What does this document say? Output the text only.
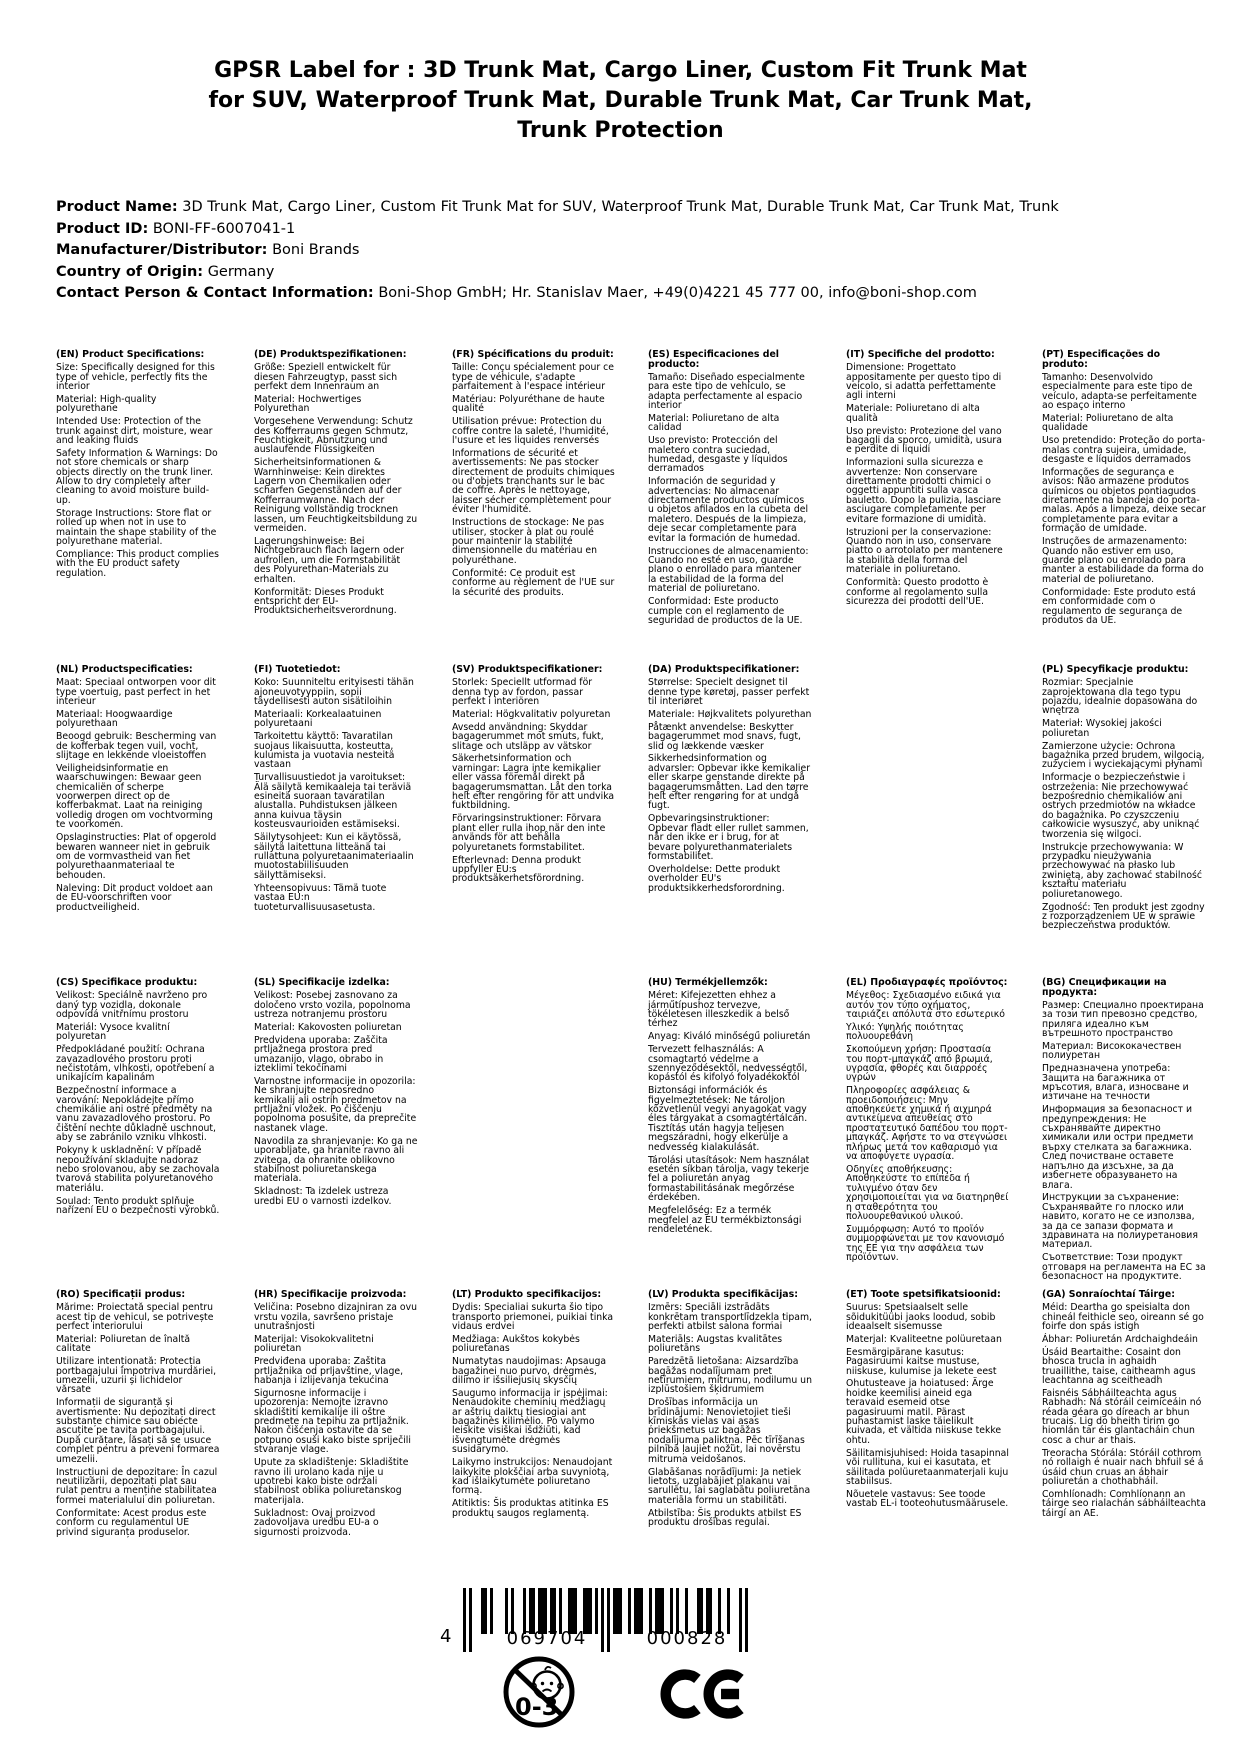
GPSR Label for : 3D Trunk Mat, Cargo Liner, Custom Fit Trunk Mat
for SUV, Waterproof Trunk Mat, Durable Trunk Mat, Car Trunk Mat,
Trunk Protection
Product Name: 3D Trunk Mat, Cargo Liner, Custom Fit Trunk Mat for SUV, Waterproof Trunk Mat, Durable Trunk Mat, Car Trunk Mat, Trunk
Product ID: BONI-FF-6007041-1
Manufacturer/Distributor: Boni Brands
Country of Origin: Germany
Contact Person & Contact Information: Boni-Shop GmbH; Hr. Stanislav Maer, +49(0)4221 45 777 00, info@boni-shop.com
(EN) Product Specifications:

Size: Specifically designed for this type of vehicle, perfectly fits the interior

Material: High-quality polyurethane

Intended Use: Protection of the trunk against dirt, moisture, wear and leaking fluids

Safety Information & Warnings: Do not store chemicals or sharp objects directly on the trunk liner. Allow to dry completely after cleaning to avoid moisture build-up.

Storage Instructions: Store flat or rolled up when not in use to maintain the shape stability of the polyurethane material.

Compliance: This product complies with the EU product safety regulation.

(DE) Produktspezifikationen:

Größe: Speziell entwickelt für diesen Fahrzeugtyp, passt sich perfekt dem Innenraum an

Material: Hochwertiges Polyurethan

Vorgesehene Verwendung: Schutz des Kofferraums gegen Schmutz, Feuchtigkeit, Abnutzung und auslaufende Flüssigkeiten

Sicherheitsinformationen & Warnhinweise: Kein direktes Lagern von Chemikalien oder scharfen Gegenständen auf der Kofferraumwanne. Nach der Reinigung vollständig trocknen lassen, um Feuchtigkeitsbildung zu vermeiden.

Lagerungshinweise: Bei Nichtgebrauch flach lagern oder aufrollen, um die Formstabilität des Polyurethan-Materials zu erhalten.

Konformität: Dieses Produkt entspricht der EU-Produktsicherheitsverordnung.

(FR) Spécifications du produit:

Taille: Conçu spécialement pour ce type de véhicule, s'adapte parfaitement à l'espace intérieur

Matériau: Polyuréthane de haute qualité

Utilisation prévue: Protection du coffre contre la saleté, l'humidité, l'usure et les liquides renversés

Informations de sécurité et avertissements: Ne pas stocker directement de produits chimiques ou d'objets tranchants sur le bac de coffre. Après le nettoyage, laisser sécher complètement pour éviter l'humidité.

Instructions de stockage: Ne pas utiliser, stocker à plat ou roulé pour maintenir la stabilité dimensionnelle du matériau en polyuréthane.

Conformité: Ce produit est conforme au règlement de l'UE sur la sécurité des produits.

(ES) Especificaciones del producto:

Tamaño: Diseñado especialmente para este tipo de vehículo, se adapta perfectamente al espacio interior

Material: Poliuretano de alta calidad

Uso previsto: Protección del maletero contra suciedad, humedad, desgaste y líquidos derramados

Información de seguridad y advertencias: No almacenar directamente productos químicos u objetos afilados en la cubeta del maletero. Después de la limpieza, deje secar completamente para evitar la formación de humedad.

Instrucciones de almacenamiento: Cuando no esté en uso, guarde plano o enrollado para mantener la estabilidad de la forma del material de poliuretano.

Conformidad: Este producto cumple con el reglamento de seguridad de productos de la UE.

(IT) Specifiche del prodotto:

Dimensione: Progettato appositamente per questo tipo di veicolo, si adatta perfettamente agli interni

Materiale: Poliuretano di alta qualità

Uso previsto: Protezione del vano bagagli da sporco, umidità, usura e perdite di liquidi

Informazioni sulla sicurezza e avvertenze: Non conservare direttamente prodotti chimici o oggetti appuntiti sulla vasca bauletto. Dopo la pulizia, lasciare asciugare completamente per evitare formazione di umidità.

Istruzioni per la conservazione: Quando non in uso, conservare piatto o arrotolato per mantenere la stabilità della forma del materiale in poliuretano.

Conformità: Questo prodotto è conforme al regolamento sulla sicurezza dei prodotti dell'UE.

(PT) Especificações do produto:

Tamanho: Desenvolvido especialmente para este tipo de veículo, adapta-se perfeitamente ao espaço interno

Material: Poliuretano de alta qualidade

Uso pretendido: Proteção do porta-malas contra sujeira, umidade, desgaste e líquidos derramados

Informações de segurança e avisos: Não armazene produtos químicos ou objetos pontiagudos diretamente na bandeja do porta-malas. Após a limpeza, deixe secar completamente para evitar a formação de umidade.

Instruções de armazenamento: Quando não estiver em uso, guarde plano ou enrolado para manter a estabilidade da forma do material de poliuretano.

Conformidade: Este produto está em conformidade com o regulamento de segurança de produtos da UE.

(NL) Productspecificaties:

Maat: Speciaal ontworpen voor dit type voertuig, past perfect in het interieur

Materiaal: Hoogwaardige polyurethaan

Beoogd gebruik: Bescherming van de kofferbak tegen vuil, vocht, slijtage en lekkende vloeistoffen

Veiligheidsinformatie en waarschuwingen: Bewaar geen chemicaliën of scherpe voorwerpen direct op de kofferbakmat. Laat na reiniging volledig drogen om vochtvorming te voorkomen.

Opslaginstructies: Plat of opgerold bewaren wanneer niet in gebruik om de vormvastheid van het polyurethaanmateriaal te behouden.

Naleving: Dit product voldoet aan de EU-voorschriften voor productveiligheid.

(FI) Tuotetiedot:

Koko: Suunniteltu erityisesti tähän ajoneuvotyyppiin, sopii täydellisesti auton sisätiloihin

Materiaali: Korkealaatuinen polyuretaani

Tarkoitettu käyttö: Tavaratilan suojaus likaisuutta, kosteutta, kulumista ja vuotavia nesteitä vastaan

Turvallisuustiedot ja varoitukset: Älä säilytä kemikaaleja tai teräviä esineitä suoraan tavaratilan alustalla. Puhdistuksen jälkeen anna kuivua täysin kosteusvaurioiden estämiseksi.

Säilytysohjeet: Kun ei käytössä, säilytä laitettuna litteänä tai rullattuna polyuretaanimateriaalin muotostabiilisuuden säilyttämiseksi.

Yhteensopivuus: Tämä tuote vastaa EU:n tuoteturvallisuusasetusta.

(SV) Produktspecifikationer:

Storlek: Speciellt utformad för denna typ av fordon, passar perfekt i interiören

Material: Högkvalitativ polyuretan

Avsedd användning: Skyddar bagagerummet mot smuts, fukt, slitage och utsläpp av vätskor

Säkerhetsinformation och varningar: Lagra inte kemikalier eller vassa föremål direkt på bagagerumsmattan. Låt den torka helt efter rengöring för att undvika fuktbildning.

Förvaringsinstruktioner: Förvara plant eller rulla ihop när den inte används för att behålla polyuretanets formstabilitet.

Efterlevnad: Denna produkt uppfyller EU:s produktsäkerhetsförordning.

(DA) Produktspecifikationer:

Størrelse: Specielt designet til denne type køretøj, passer perfekt til interiøret

Materiale: Højkvalitets polyurethan

Påtænkt anvendelse: Beskytter bagagerummet mod snavs, fugt, slid og lækkende væsker

Sikkerhedsinformation og advarsler: Opbevar ikke kemikalier eller skarpe genstande direkte på bagagerumsmåtten. Lad den tørre helt efter rengøring for at undgå fugt.

Opbevaringsinstruktioner: Opbevar fladt eller rullet sammen, når den ikke er i brug, for at bevare polyurethanmaterialets formstabilitet.

Overholdelse: Dette produkt overholder EU's produktsikkerhedsforordning.

(PL) Specyfikacje produktu:

Rozmiar: Specjalnie zaprojektowana dla tego typu pojazdu, idealnie dopasowana do wnętrza

Materiał: Wysokiej jakości poliuretan

Zamierzone użycie: Ochrona bagażnika przed brudem, wilgocią, zużyciem i wyciekającymi płynami

Informacje o bezpieczeństwie i ostrzeżenia: Nie przechowywać bezpośrednio chemikaliów ani ostrych przedmiotów na wkładce do bagażnika. Po czyszczeniu całkowicie wysuszyć, aby uniknąć tworzenia się wilgoci.

Instrukcje przechowywania: W przypadku nieużywania przechowywać na płasko lub zwiniętą, aby zachować stabilność kształtu materiału poliuretanowego.

Zgodność: Ten produkt jest zgodny z rozporządzeniem UE w sprawie bezpieczeństwa produktów.

(CS) Specifikace produktu:

Velikost: Speciálně navrženo pro daný typ vozidla, dokonale odpovídá vnitřnímu prostoru

Materiál: Vysoce kvalitní polyuretan

Předpokládané použití: Ochrana zavazadlového prostoru proti nečistotám, vlhkosti, opotřebení a unikajícím kapalinám

Bezpečnostní informace a varování: Nepokládejte přímo chemikálie ani ostré předměty na vanu zavazadlového prostoru. Po čištění nechte důkladně uschnout, aby se zabránilo vzniku vlhkosti.

Pokyny k uskladnění: V případě nepoužívání skladujte nadoraz nebo srolovanou, aby se zachovala tvarová stabilita polyuretanového materiálu.

Soulad: Tento produkt splňuje nařízení EU o bezpečnosti výrobků.

(SL) Specifikacije izdelka:

Velikost: Posebej zasnovano za določeno vrsto vozila, popolnoma ustreza notranjemu prostoru

Material: Kakovosten poliuretan

Predvidena uporaba: Zaščita prtljažnega prostora pred umazanijo, vlago, obrabo in izteklimi tekočinami

Varnostne informacije in opozorila: Ne shranjujte neposredno kemikalij ali ostrih predmetov na prtljažni vložek. Po čiščenju popolnoma posušite, da preprečite nastanek vlage.

Navodila za shranjevanje: Ko ga ne uporabljate, ga hranite ravno ali zvitega, da ohranite oblikovno stabilnost poliuretanskega materiala.

Skladnost: Ta izdelek ustreza uredbi EU o varnosti izdelkov.

(HU) Termékjellemzők:

Méret: Kifejezetten ehhez a járműtípushoz tervezve, tökéletesen illeszkedik a belső térhez

Anyag: Kiváló minőségű poliuretán

Tervezett felhasználás: A csomagtartó védelme a szennyeződésektől, nedvességtől, kopástól és kifolyó folyadékoktól

Biztonsági információk és figyelmeztetések: Ne tároljon közvetlenül vegyi anyagokat vagy éles tárgyakat a csomagtértálcán. Tisztítás után hagyja teljesen megszáradni, hogy elkerülje a nedvesség kialakulását.

Tárolási utasítások: Nem használat esetén síkban tárolja, vagy tekerje fel a poliuretán anyag formastabilitásának megőrzése érdekében.

Megfelelőség: Ez a termék megfelel az EU termékbiztonsági rendeletének.

(EL) Προδιαγραφές προϊόντος:

Μέγεθος: Σχεδιασμένο ειδικά για αυτόν τον τύπο οχήματος, ταιριάζει απόλυτα στο εσωτερικό

Υλικό: Υψηλής ποιότητας πολυουρεθάνη

Σκοπούμενη χρήση: Προστασία του πορτ-μπαγκάζ από βρωμιά, υγρασία, φθορές και διαρροές υγρών

Πληροφορίες ασφάλειας & προειδοποιήσεις: Μην αποθηκεύετε χημικά ή αιχμηρά αντικείμενα απευθείας στο προστατευτικό δαπέδου του πορτ-μπαγκάζ. Αφήστε το να στεγνώσει πλήρως μετά τον καθαρισμό για να αποφύγετε υγρασία.

Οδηγίες αποθήκευσης: Αποθηκεύστε το επίπεδα ή τυλιγμένο όταν δεν χρησιμοποιείται για να διατηρηθεί η σταθερότητα του πολυουρεθανικού υλικού.

Συμμόρφωση: Αυτό το προϊόν συμμορφώνεται με τον κανονισμό της ΕΕ για την ασφάλεια των προϊόντων.

(BG) Спецификации на продукта:

Размер: Специално проектирана за този тип превозно средство, приляга идеално към вътрешното пространство

Материал: Висококачествен полиуретан

Предназначена употреба: Защита на багажника от мръсотия, влага, износване и изтичане на течности

Информация за безопасност и предупреждения: Не съхранявайте директно химикали или остри предмети върху стелката за багажника. След почистване оставете напълно да изсъхне, за да избегнете образуването на влага.

Инструкции за съхранение: Съхранявайте го плоско или навито, когато не се използва, за да се запази формата и здравината на полиуретановия материал.

Съответствие: Този продукт отговаря на регламента на ЕС за безопасност на продуктите.

(RO) Specificații produs:

Mărime: Proiectată special pentru acest tip de vehicul, se potrivește perfect interiorului

Material: Poliuretan de înaltă calitate

Utilizare intenționată: Protecția portbagajului împotriva murdăriei, umezelii, uzurii și lichidelor vărsate

Informații de siguranță și avertismente: Nu depozitați direct substanțe chimice sau obiecte ascuțite pe tavița portbagajului. După curățare, lăsați să se usuce complet pentru a preveni formarea umezelii.

Instrucțiuni de depozitare: În cazul neutilizării, depozitați plat sau rulat pentru a menține stabilitatea formei materialului din poliuretan.

Conformitate: Acest produs este conform cu regulamentul UE privind siguranța produselor.

(HR) Specifikacije proizvoda:

Veličina: Posebno dizajniran za ovu vrstu vozila, savršeno pristaje unutrašnjosti

Materijal: Visokokvalitetni poliuretan

Predviđena uporaba: Zaštita prtljažnika od prljavštine, vlage, habanja i izlijevanja tekućina

Sigurnosne informacije i upozorenja: Nemojte izravno skladištiti kemikalije ili oštre predmete na tepihu za prtljažnik. Nakon čišćenja ostavite da se potpuno osuši kako biste spriječili stvaranje vlage.

Upute za skladištenje: Skladištite ravno ili urolano kada nije u upotrebi kako biste održali stabilnost oblika poliuretanskog materijala.

Sukladnost: Ovaj proizvod zadovoljava uredbu EU-a o sigurnosti proizvoda.

(LT) Produkto specifikacijos:

Dydis: Specialiai sukurta šio tipo transporto priemonei, puikiai tinka vidaus erdvei

Medžiaga: Aukštos kokybės poliuretanas

Numatytas naudojimas: Apsauga bagažinei nuo purvo, drėgmės, dilimo ir išsiliejusių skysčių

Saugumo informacija ir įspėjimai: Nenaudokite cheminių medžiagų ar aštrių daiktų tiesiogiai ant bagažinės kilimėlio. Po valymo leiskite visiškai išdžiūti, kad išvengtumėte drėgmės susidarymo.

Laikymo instrukcijos: Nenaudojant laikykite plokščiai arba suvyniotą, kad išlaikytumėte poliuretano formą.

Atitiktis: Šis produktas atitinka ES produktų saugos reglamentą.

(LV) Produkta specifikācijas:

Izmērs: Speciāli izstrādāts konkrētam transportlīdzekļa tipam, perfekti atbilst salona formai

Materiāls: Augstas kvalitātes poliuretāns

Paredzētā lietošana: Aizsardzība bagāžas nodalījumam pret netīrumiem, mitrumu, nodilumu un izplūstošiem šķidrumiem

Drošības informācija un brīdinājumi: Nenovietojiet tieši ķīmiskās vielas vai asas priekšmetus uz bagāžas nodalījuma paliktņa. Pēc tīrīšanas pilnībā ļaujiet nožūt, lai novērstu mitruma veidošanos.

Glabāšanas norādījumi: Ja netiek lietots, uzglabājiet plakanu vai sarullētu, lai saglabātu poliuretāna materiāla formu un stabilitāti.

Atbilstība: Šis produkts atbilst ES produktu drošības regulai.

(ET) Toote spetsifikatsioonid:

Suurus: Spetsiaalselt selle sõidukitüübi jaoks loodud, sobib ideaalselt sisemusse

Materjal: Kvaliteetne polüuretaan

Eesmärgipärane kasutus: Pagasiruumi kaitse mustuse, niiskuse, kulumise ja lekete eest

Ohutusteave ja hoiatused: Ärge hoidke keemilisi aineid ega teravaid esemeid otse pagasiruumi matil. Pärast puhastamist laske täielikult kuivada, et vältida niiskuse tekke ohtu.

Säilitamisjuhised: Hoida tasapinnal või rullituna, kui ei kasutata, et säilitada polüuretaanmaterjali kuju stabiilsus.

Nõuetele vastavus: See toode vastab EL-i tooteohutusmäärusele.

(GA) Sonraíochtaí Táirge:

Méid: Deartha go speisialta don chineál feithicle seo, oireann sé go foirfe don spás istigh

Ábhar: Poliuretán Ardchaighdeáin

Úsáid Beartaithe: Cosaint don bhosca trucla in aghaidh truaillithe, taise, caitheamh agus leachtanna ag sceitheadh

Faisnéis Sábháilteachta agus Rabhadh: Ná stóráil ceimiceáin nó réada géara go díreach ar bhun trucais. Lig do bheith tirim go hiomlán tar éis glantacháin chun cosc a chur ar thais.

Treoracha Stórála: Stóráil cothrom nó rollaigh é nuair nach bhfuil sé á úsáid chun cruas an ábhair poliuretán a chothabháil.

Comhlíonadh: Comhlíonann an táirge seo rialachán sábháilteachta táirgí an AE.

4	069704	000828
0-3
